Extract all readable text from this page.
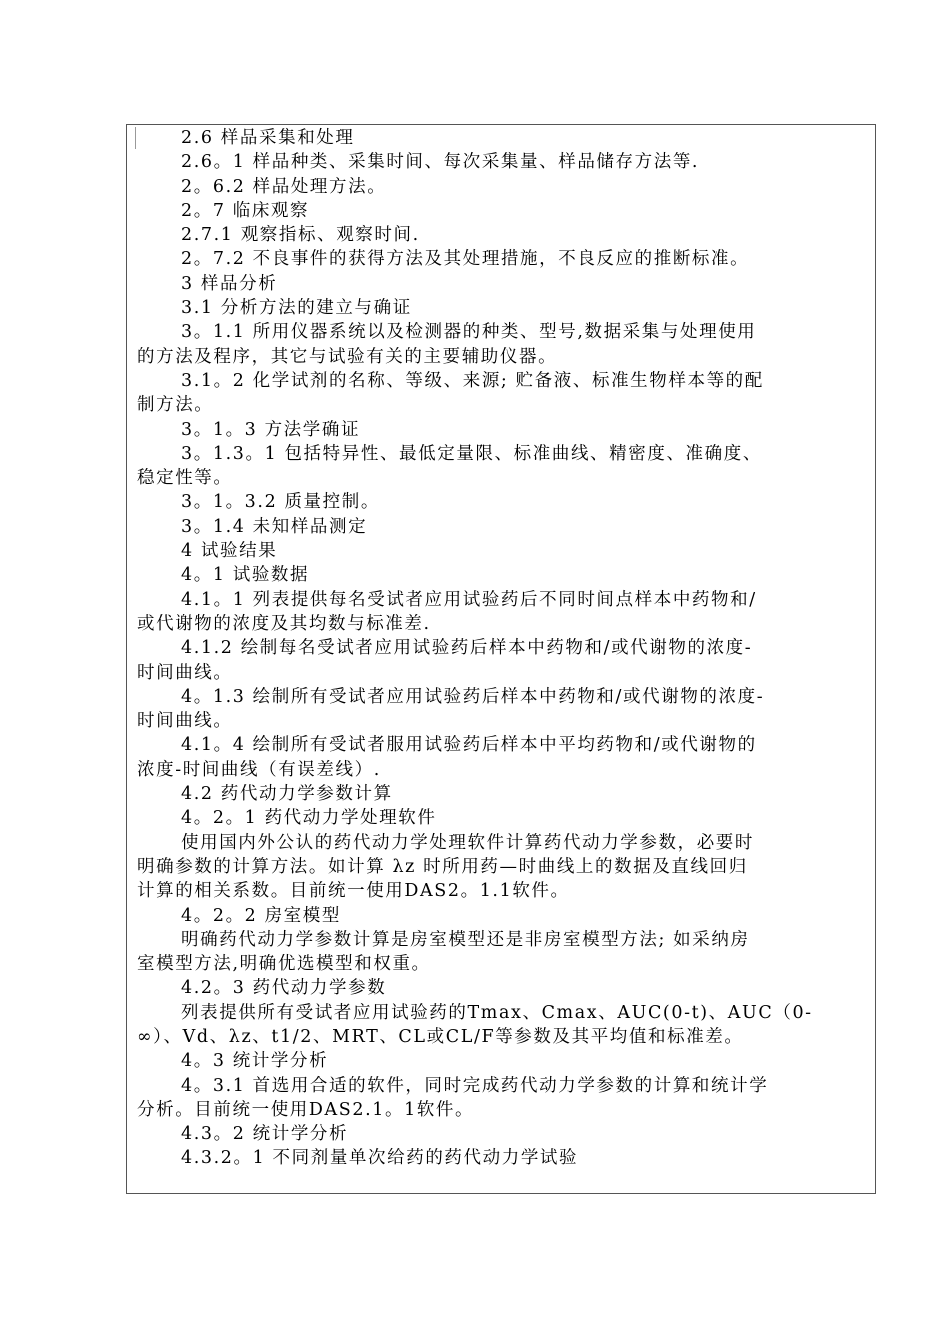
2.6 样品采集和处理
2.6。1 样品种类、采集时间、每次采集量、样品储存方法等.
2。6.2 样品处理方法。
2。7 临床观察
2.7.1 观察指标、观察时间.
2。7.2 不良事件的获得方法及其处理措施，不良反应的推断标准。
3 样品分析
3.1 分析方法的建立与确证
3。1.1 所用仪器系统以及检测器的种类、型号,数据采集与处理使用
的方法及程序，其它与试验有关的主要辅助仪器。
3.1。2 化学试剂的名称、等级、来源; 贮备液、标准生物样本等的配
制方法。
3。1。3 方法学确证
3。1.3。1 包括特异性、最低定量限、标准曲线、精密度、准确度、
稳定性等。
3。1。3.2 质量控制。
3。1.4 未知样品测定
4 试验结果
4。1 试验数据
4.1。1 列表提供每名受试者应用试验药后不同时间点样本中药物和/
或代谢物的浓度及其均数与标准差.
4.1.2 绘制每名受试者应用试验药后样本中药物和/或代谢物的浓度-
时间曲线。
4。1.3 绘制所有受试者应用试验药后样本中药物和/或代谢物的浓度-
时间曲线。
4.1。4 绘制所有受试者服用试验药后样本中平均药物和/或代谢物的
浓度-时间曲线（有误差线）.
4.2 药代动力学参数计算
4。2。1 药代动力学处理软件
使用国内外公认的药代动力学处理软件计算药代动力学参数，必要时
明确参数的计算方法。如计算 λz 时所用药—时曲线上的数据及直线回归
计算的相关系数。目前统一使用DAS2。1.1软件。
4。2。2 房室模型
明确药代动力学参数计算是房室模型还是非房室模型方法; 如采纳房
室模型方法,明确优选模型和权重。
4.2。3 药代动力学参数
列表提供所有受试者应用试验药的Tmax、Cmax、AUC(0-t)、AUC（0-
∞）、Vd、λz、t1/2、MRT、CL或CL/F等参数及其平均值和标准差。
4。3 统计学分析
4。3.1 首选用合适的软件，同时完成药代动力学参数的计算和统计学
分析。目前统一使用DAS2.1。1软件。
4.3。2 统计学分析
4.3.2。1 不同剂量单次给药的药代动力学试验
